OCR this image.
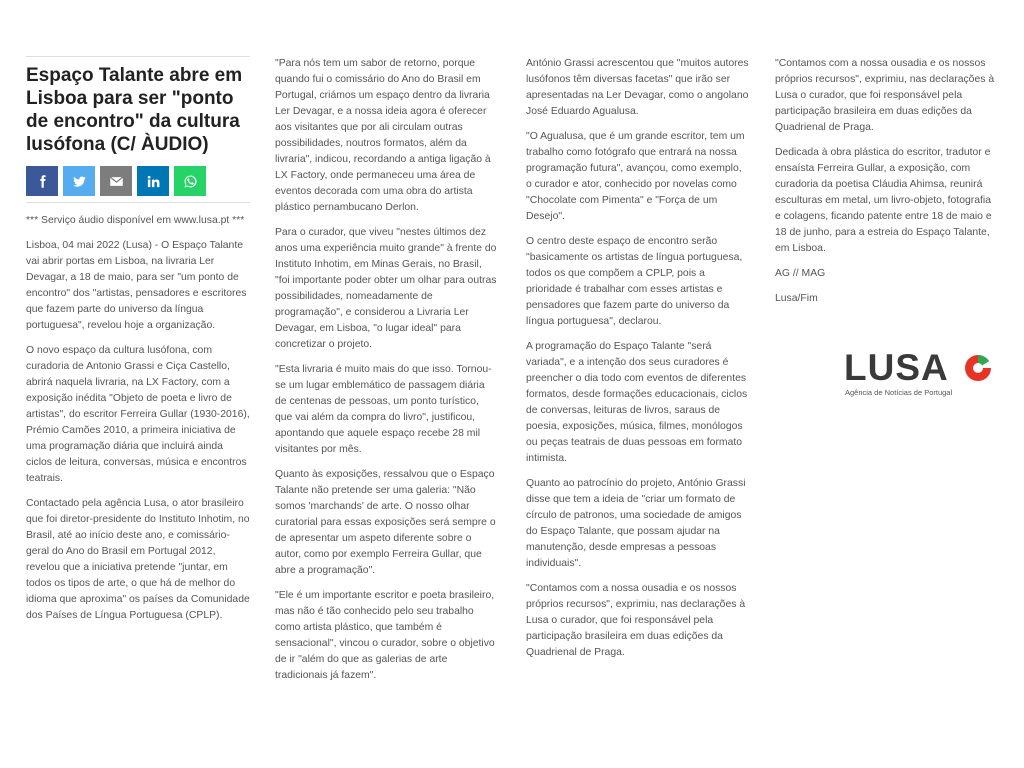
Espaço Talante abre em Lisboa para ser "ponto de encontro" da cultura lusófona (C/ ÀUDIO)

*** Serviço áudio disponível em www.lusa.pt ***

Lisboa, 04 mai 2022 (Lusa) - O Espaço Talante vai abrir portas em Lisboa, na livraria Ler Devagar, a 18 de maio, para ser "um ponto de encontro" dos "artistas, pensadores e escritores que fazem parte do universo da língua portuguesa", revelou hoje a organização.

O novo espaço da cultura lusófona, com curadoria de Antonio Grassi e Ciça Castello, abrirá naquela livraria, na LX Factory, com a exposição inédita "Objeto de poeta e livro de artistas", do escritor Ferreira Gullar (1930-2016), Prémio Camões 2010, a primeira iniciativa de uma programação diária que incluirá ainda ciclos de leitura, conversas, música e encontros teatrais.

Contactado pela agência Lusa, o ator brasileiro que foi diretor-presidente do Instituto Inhotim, no Brasil, até ao início deste ano, e comissário-geral do Ano do Brasil em Portugal 2012, revelou que a iniciativa pretende "juntar, em todos os tipos de arte, o que há de melhor do idioma que aproxima" os países da Comunidade dos Países de Língua Portuguesa (CPLP).

"Para nós tem um sabor de retorno, porque quando fui o comissário do Ano do Brasil em Portugal, criámos um espaço dentro da livraria Ler Devagar, e a nossa ideia agora é oferecer aos visitantes que por ali circulam outras possibilidades, noutros formatos, além da livraria", indicou, recordando a antiga ligação à LX Factory, onde permaneceu uma área de eventos decorada com uma obra do artista plástico pernambucano Derlon.

Para o curador, que viveu "nestes últimos dez anos uma experiência muito grande" à frente do Instituto Inhotim, em Minas Gerais, no Brasil, "foi importante poder obter um olhar para outras possibilidades, nomeadamente de programação", e considerou a Livraria Ler Devagar, em Lisboa, "o lugar ideal" para concretizar o projeto.

"Esta livraria é muito mais do que isso. Tornou-se um lugar emblemático de passagem diária de centenas de pessoas, um ponto turístico, que vai além da compra do livro", justificou, apontando que aquele espaço recebe 28 mil visitantes por mês.

Quanto às exposições, ressalvou que o Espaço Talante não pretende ser uma galeria: "Não somos 'marchands' de arte. O nosso olhar curatorial para essas exposições será sempre o de apresentar um aspeto diferente sobre o autor, como por exemplo Ferreira Gullar, que abre a programação".

"Ele é um importante escritor e poeta brasileiro, mas não é tão conhecido pelo seu trabalho como artista plástico, que também é sensacional", vincou o curador, sobre o objetivo de ir "além do que as galerias de arte tradicionais já fazem".

António Grassi acrescentou que "muitos autores lusófonos têm diversas facetas" que irão ser apresentadas na Ler Devagar, como o angolano José Eduardo Agualusa.

"O Agualusa, que é um grande escritor, tem um trabalho como fotógrafo que entrará na nossa programação futura", avançou, como exemplo, o curador e ator, conhecido por novelas como "Chocolate com Pimenta" e "Força de um Desejo".

O centro deste espaço de encontro serão "basicamente os artistas de língua portuguesa, todos os que compõem a CPLP, pois a prioridade é trabalhar com esses artistas e pensadores que fazem parte do universo da língua portuguesa", declarou.

A programação do Espaço Talante "será variada", e a intenção dos seus curadores é preencher o dia todo com eventos de diferentes formatos, desde formações educacionais, ciclos de conversas, leituras de livros, saraus de poesia, exposições, música, filmes, monólogos ou peças teatrais de duas pessoas em formato intimista.

Quanto ao patrocínio do projeto, António Grassi disse que tem a ideia de "criar um formato de círculo de patronos, uma sociedade de amigos do Espaço Talante, que possam ajudar na manutenção, desde empresas a pessoas individuais".

"Contamos com a nossa ousadia e os nossos próprios recursos", exprimiu, nas declarações à Lusa o curador, que foi responsável pela participação brasileira em duas edições da Quadrienal de Praga.

"Contamos com a nossa ousadia e os nossos próprios recursos", exprimiu, nas declarações à Lusa o curador, que foi responsável pela participação brasileira em duas edições da Quadrienal de Praga.

Dedicada à obra plástica do escritor, tradutor e ensaísta Ferreira Gullar, a exposição, com curadoria da poetisa Cláudia Ahimsa, reunirá esculturas em metal, um livro-objeto, fotografia e colagens, ficando patente entre 18 de maio e 18 de junho, para a estreia do Espaço Talante, em Lisboa.

AG // MAG

Lusa/Fim

LUSA
Agência de Notícias de Portugal
